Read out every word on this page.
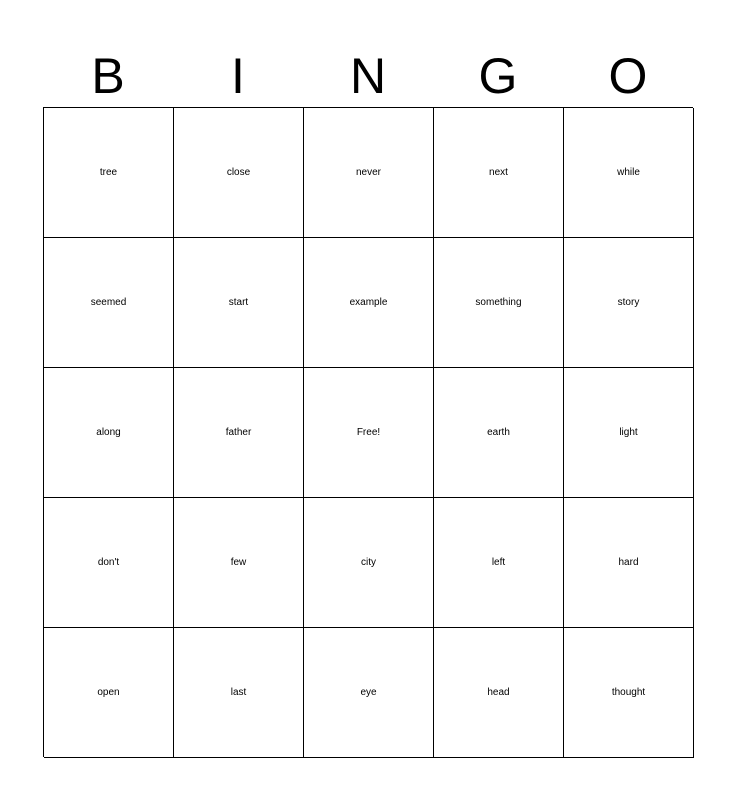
B	I	N	G	O
tree	close	never	next	while
seemed	start	example	something	story
along	father	Free!	earth	light
don't	few	city	left	hard
open	last	eye	head	thought
